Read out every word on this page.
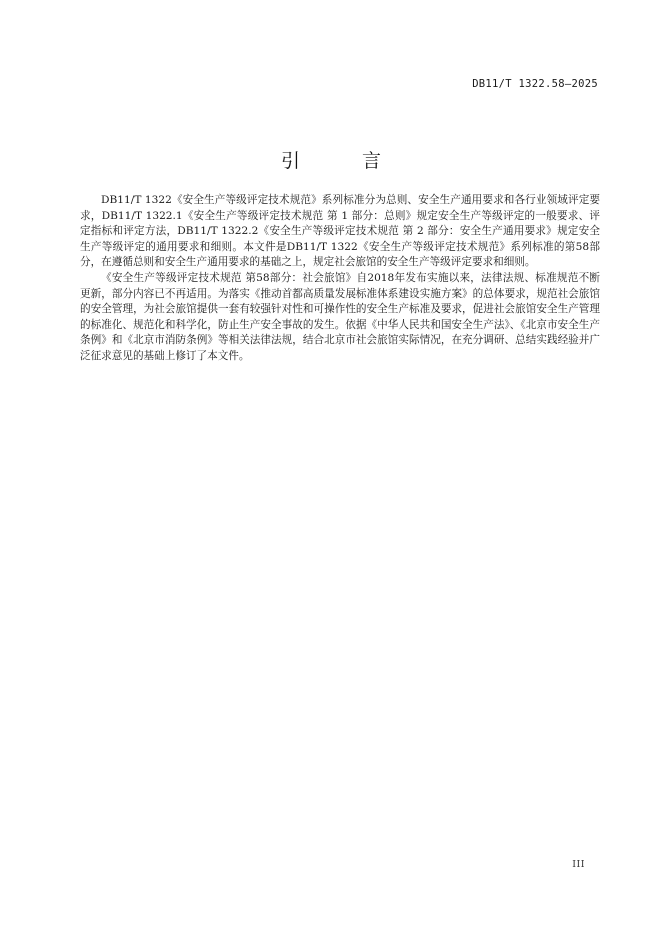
DB11/T 1322.58—2025
引 言

DB11/T 1322《安全生产等级评定技术规范》系列标准分为总则、安全生产通用要求和各行业领域评定要求，DB11/T 1322.1《安全生产等级评定技术规范 第 1 部分：总则》规定安全生产等级评定的一般要求、评定指标和评定方法，DB11/T 1322.2《安全生产等级评定技术规范 第 2 部分：安全生产通用要求》规定安全生产等级评定的通用要求和细则。本文件是DB11/T 1322《安全生产等级评定技术规范》系列标准的第58部分，在遵循总则和安全生产通用要求的基础之上，规定社会旅馆的安全生产等级评定要求和细则。

《安全生产等级评定技术规范 第58部分：社会旅馆》自2018年发布实施以来，法律法规、标准规范不断更新，部分内容已不再适用。为落实《推动首都高质量发展标准体系建设实施方案》的总体要求，规范社会旅馆的安全管理，为社会旅馆提供一套有较强针对性和可操作性的安全生产标准及要求，促进社会旅馆安全生产管理的标准化、规范化和科学化，防止生产安全事故的发生。依据《中华人民共和国安全生产法》、《北京市安全生产条例》和《北京市消防条例》等相关法律法规，结合北京市社会旅馆实际情况，在充分调研、总结实践经验并广泛征求意见的基础上修订了本文件。

III
